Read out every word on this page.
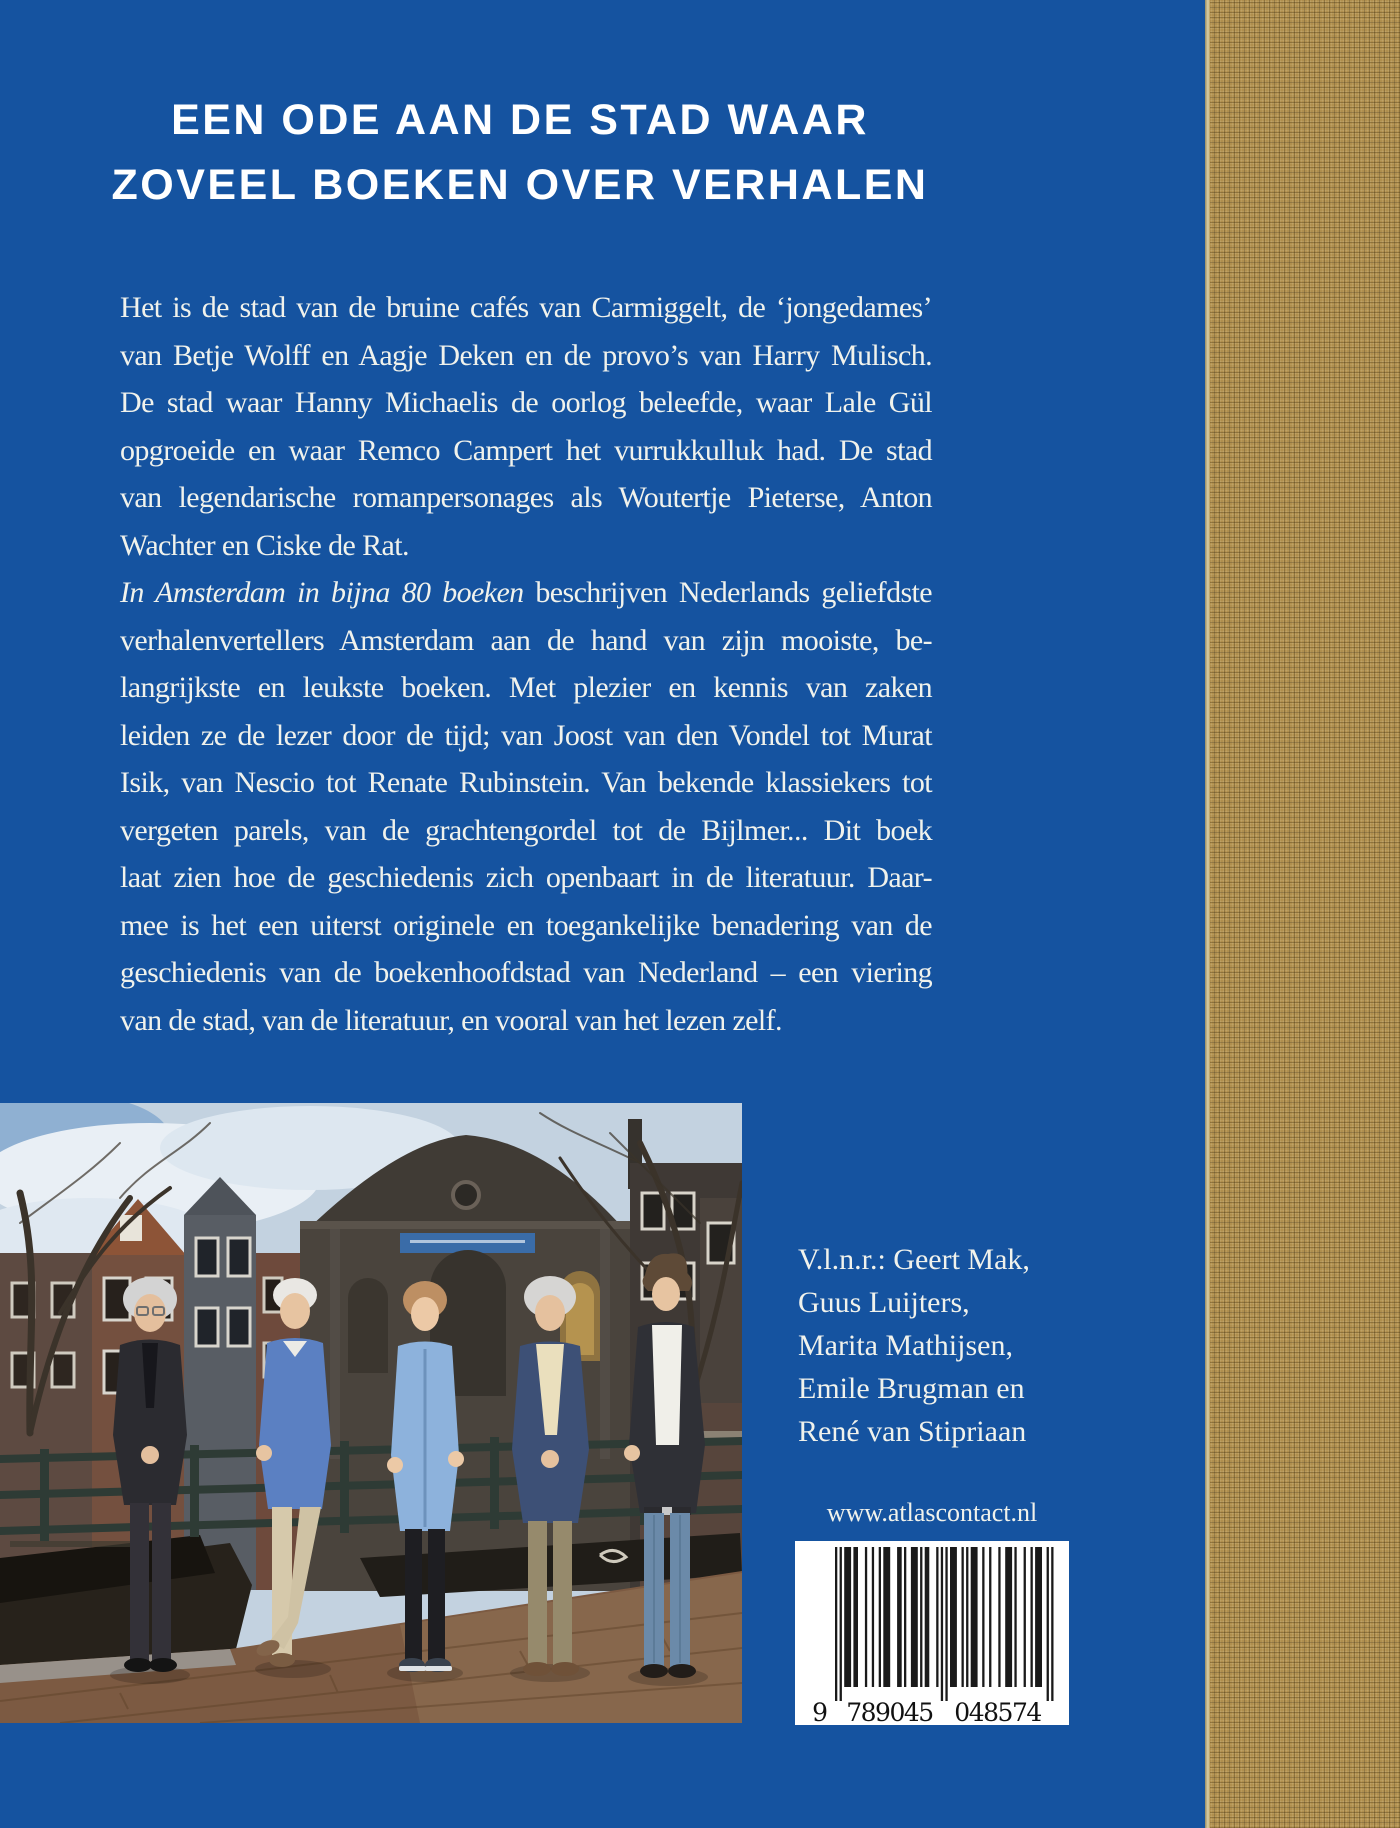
EEN ODE AAN DE STAD WAAR
ZOVEEL BOEKEN OVER VERHALEN
Het is de stad van de bruine cafés van Carmiggelt, de ‘jongedames’
van Betje Wolff en Aagje Deken en de provo’s van Harry Mulisch.
De stad waar Hanny Michaelis de oorlog beleefde, waar Lale Gül
opgroeide en waar Remco Campert het vurrukkulluk had. De stad
van legendarische romanpersonages als Woutertje Pieterse, Anton
Wachter en Ciske de Rat.
In Amsterdam in bijna 80 boeken beschrijven Nederlands geliefdste
verhalenvertellers Amsterdam aan de hand van zijn mooiste, be-
langrijkste en leukste boeken. Met plezier en kennis van zaken
leiden ze de lezer door de tijd; van Joost van den Vondel tot Murat
Isik, van Nescio tot Renate Rubinstein. Van bekende klassiekers tot
vergeten parels, van de grachtengordel tot de Bijlmer... Dit boek
laat zien hoe de geschiedenis zich openbaart in de literatuur. Daar-
mee is het een uiterst originele en toegankelijke benadering van de
geschiedenis van de boekenhoofdstad van Nederland – een viering
van de stad, van de literatuur, en vooral van het lezen zelf.
V.l.n.r.: Geert Mak, Guus Luijters, Marita Mathijsen, Emile Brugman en René van Stipriaan
www.atlascontact.nl
9 789045 048574
